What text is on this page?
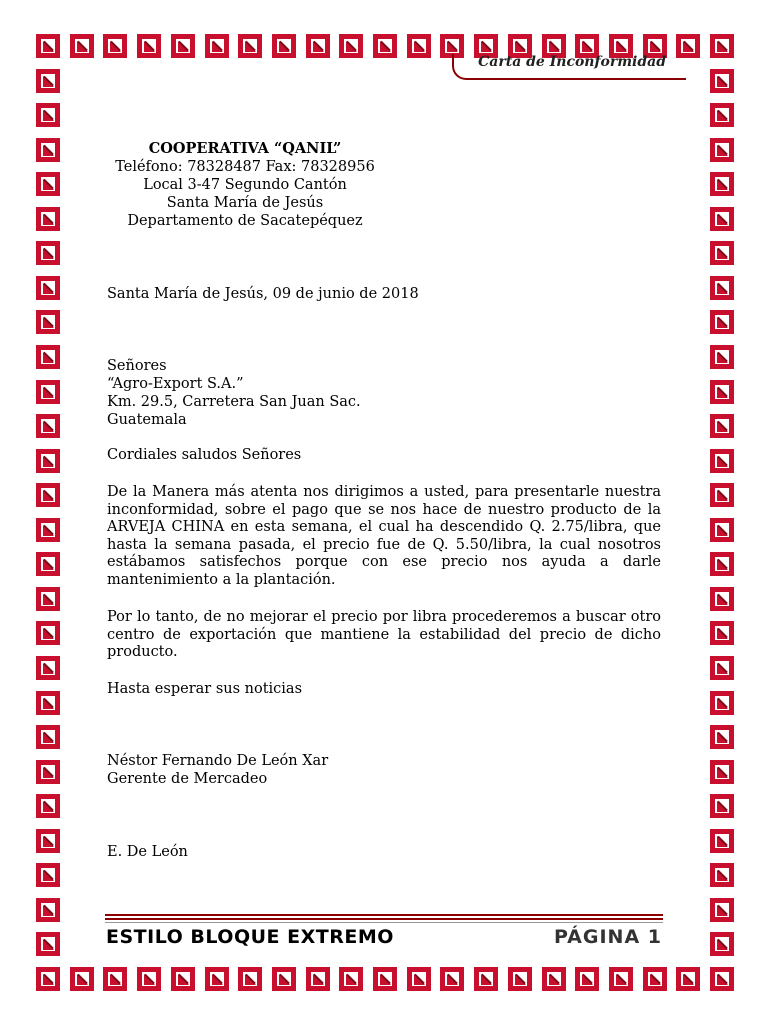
Carta de Inconformidad
COOPERATIVA “QANIL”
Teléfono: 78328487 Fax: 78328956
Local 3-47 Segundo Cantón
Santa María de Jesús
Departamento de Sacatepéquez
Santa María de Jesús, 09 de junio de 2018
Señores
“Agro-Export S.A.”
Km. 29.5, Carretera San Juan Sac.
Guatemala
Cordiales saludos Señores
De la Manera más atenta nos dirigimos a usted, para presentarle nuestra inconformidad, sobre el pago que se nos hace de nuestro producto de la ARVEJA CHINA en esta semana, el cual ha descendido Q. 2.75/libra, que hasta la semana pasada, el precio fue de Q. 5.50/libra, la cual nosotros estábamos satisfechos porque con ese precio nos ayuda a darle mantenimiento a la plantación.
Por lo tanto, de no mejorar el precio por libra procederemos a buscar otro centro de exportación que mantiene la estabilidad del precio de dicho producto.
Hasta esperar sus noticias
Néstor Fernando De León Xar
Gerente de Mercadeo
E. De León
ESTILO BLOQUE EXTREMO	PÁGINA 1
